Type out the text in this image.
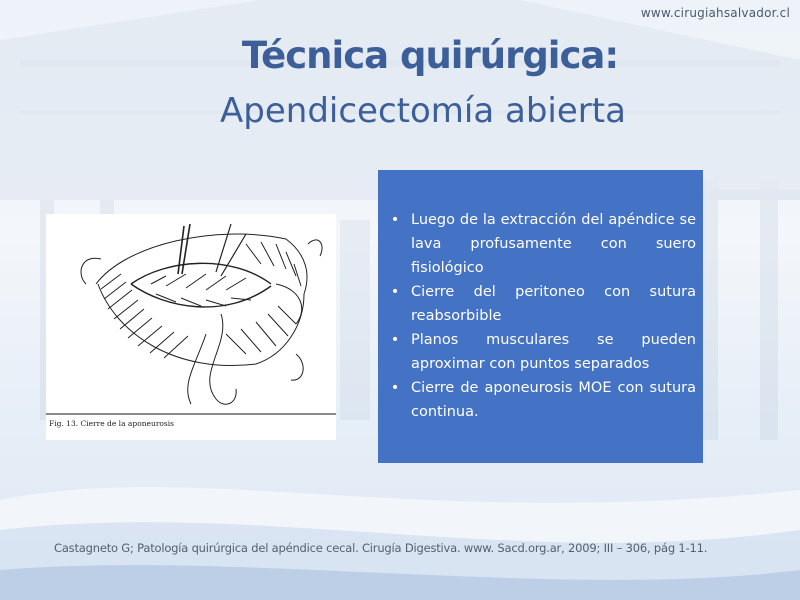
www.cirugiahsalvador.cl
Técnica quirúrgica:
Apendicectomía abierta
Fig. 13. Cierre de la aponeurosis
• Luego de la extracción del apéndice se lava profusamente con suero fisiológico
• Cierre del peritoneo con sutura reabsorbible
• Planos musculares se pueden aproximar con puntos separados
• Cierre de aponeurosis MOE con sutura continua.
Castagneto G; Patología quirúrgica del apéndice cecal. Cirugía Digestiva. www. Sacd.org.ar, 2009; III – 306, pág 1-11.
